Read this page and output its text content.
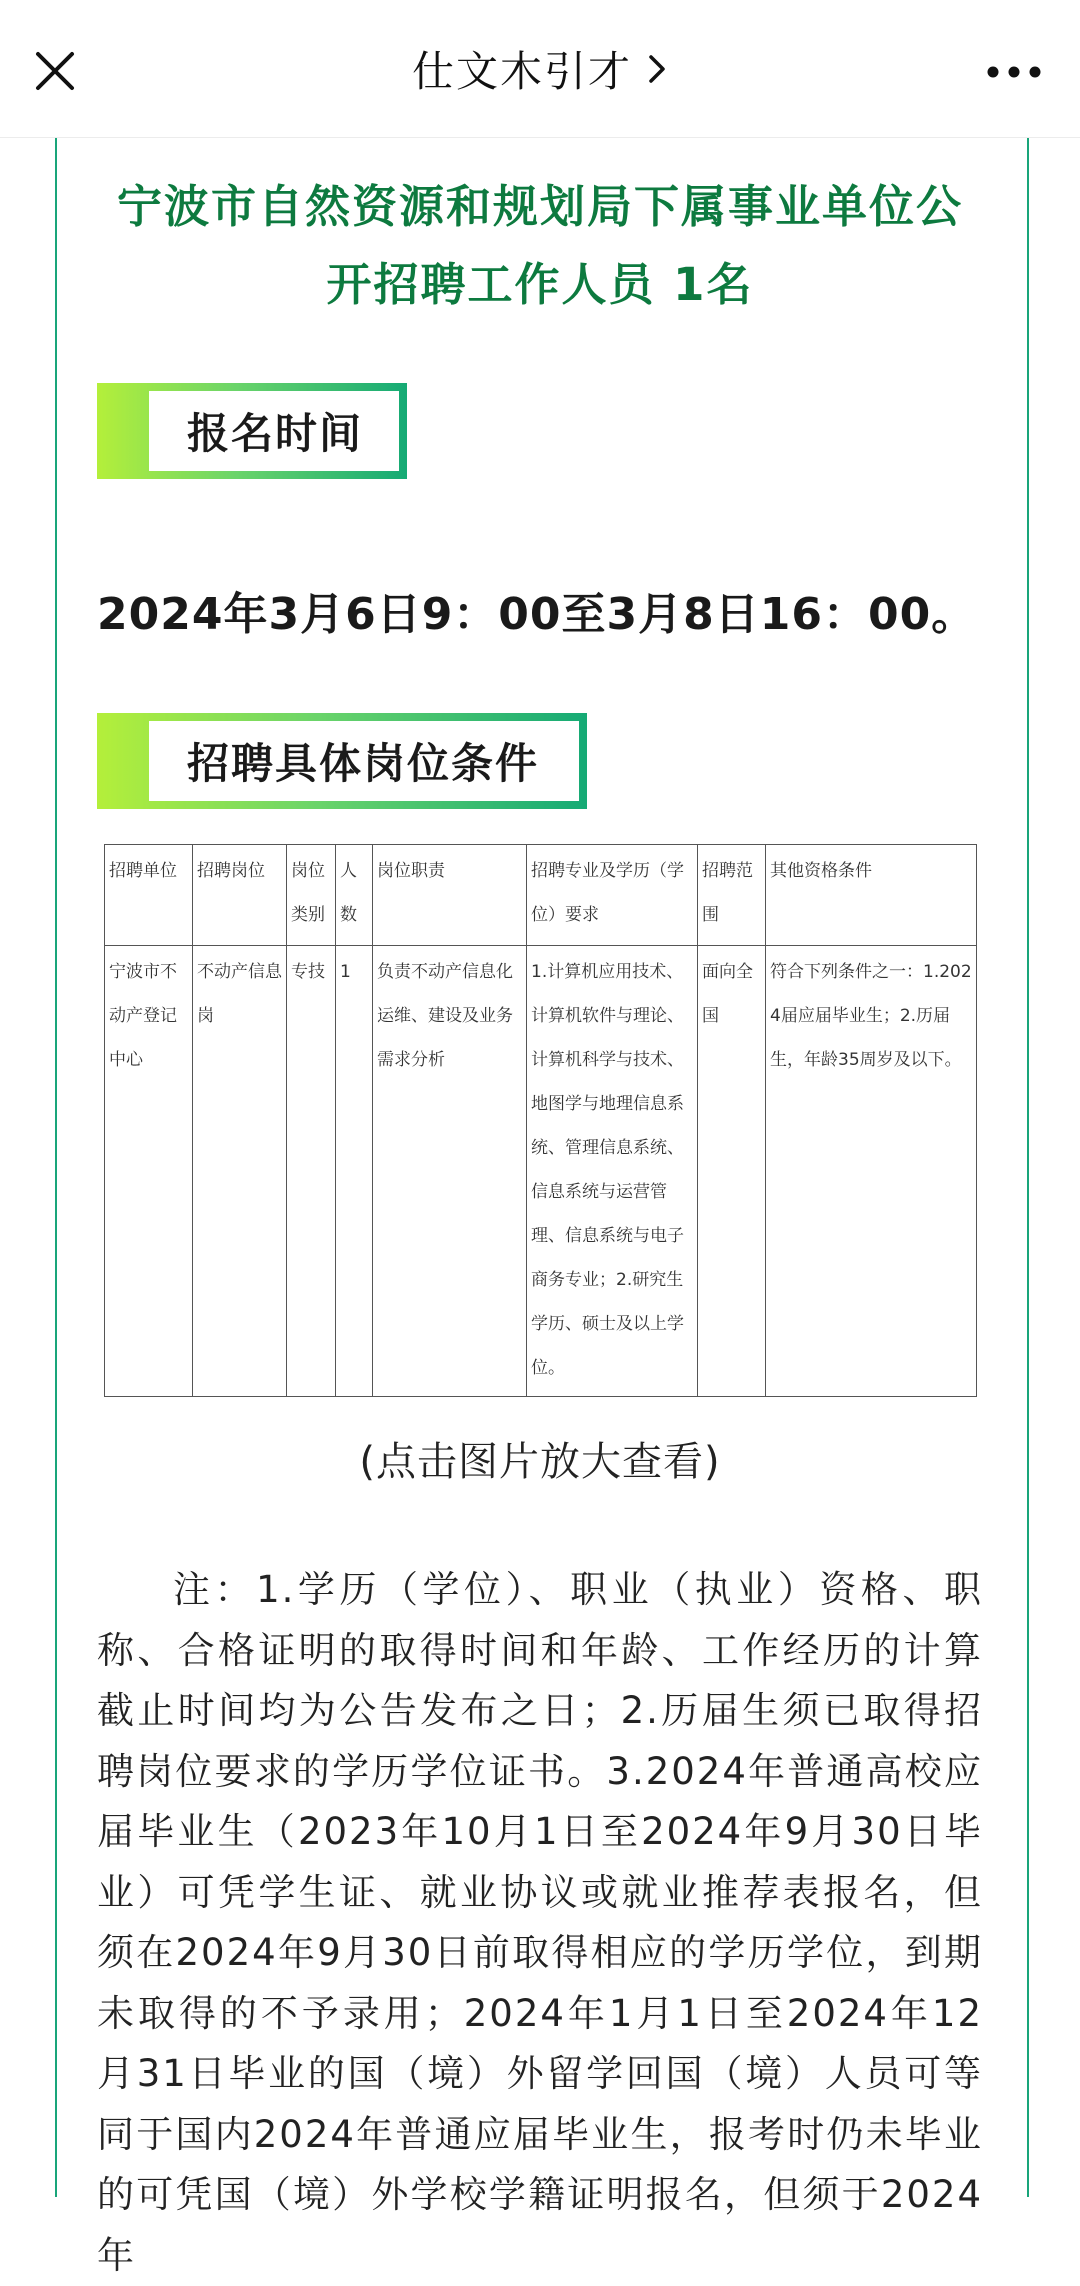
仕文木引才
宁波市自然资源和规划局下属事业单位公开招聘工作人员 1名
报名时间
2024年3月6日9：00至3月8日16：00。
招聘具体岗位条件
招聘单位	招聘岗位	岗位类别	人数	岗位职责	招聘专业及学历（学位）要求	招聘范围	其他资格条件
宁波市不动产登记中心	不动产信息岗	专技	1	负责不动产信息化运维、建设及业务需求分析	1.计算机应用技术、计算机软件与理论、计算机科学与技术、地图学与地理信息系统、管理信息系统、信息系统与运营管理、信息系统与电子商务专业；2.研究生学历、硕士及以上学位。	面向全国	符合下列条件之一：1.2024届应届毕业生；2.历届生，年龄35周岁及以下。
(点击图片放大查看)
注：1.学历（学位）、职业（执业）资格、职称、合格证明的取得时间和年龄、工作经历的计算截止时间均为公告发布之日；2.历届生须已取得招聘岗位要求的学历学位证书。3.2024年普通高校应届毕业生（2023年10月1日至2024年9月30日毕业）可凭学生证、就业协议或就业推荐表报名，但须在2024年9月30日前取得相应的学历学位，到期未取得的不予录用；2024年1月1日至2024年12月31日毕业的国（境）外留学回国（境）人员可等同于国内2024年普通应届毕业生，报考时仍未毕业的可凭国（境）外学校学籍证明报名，但须于2024年
